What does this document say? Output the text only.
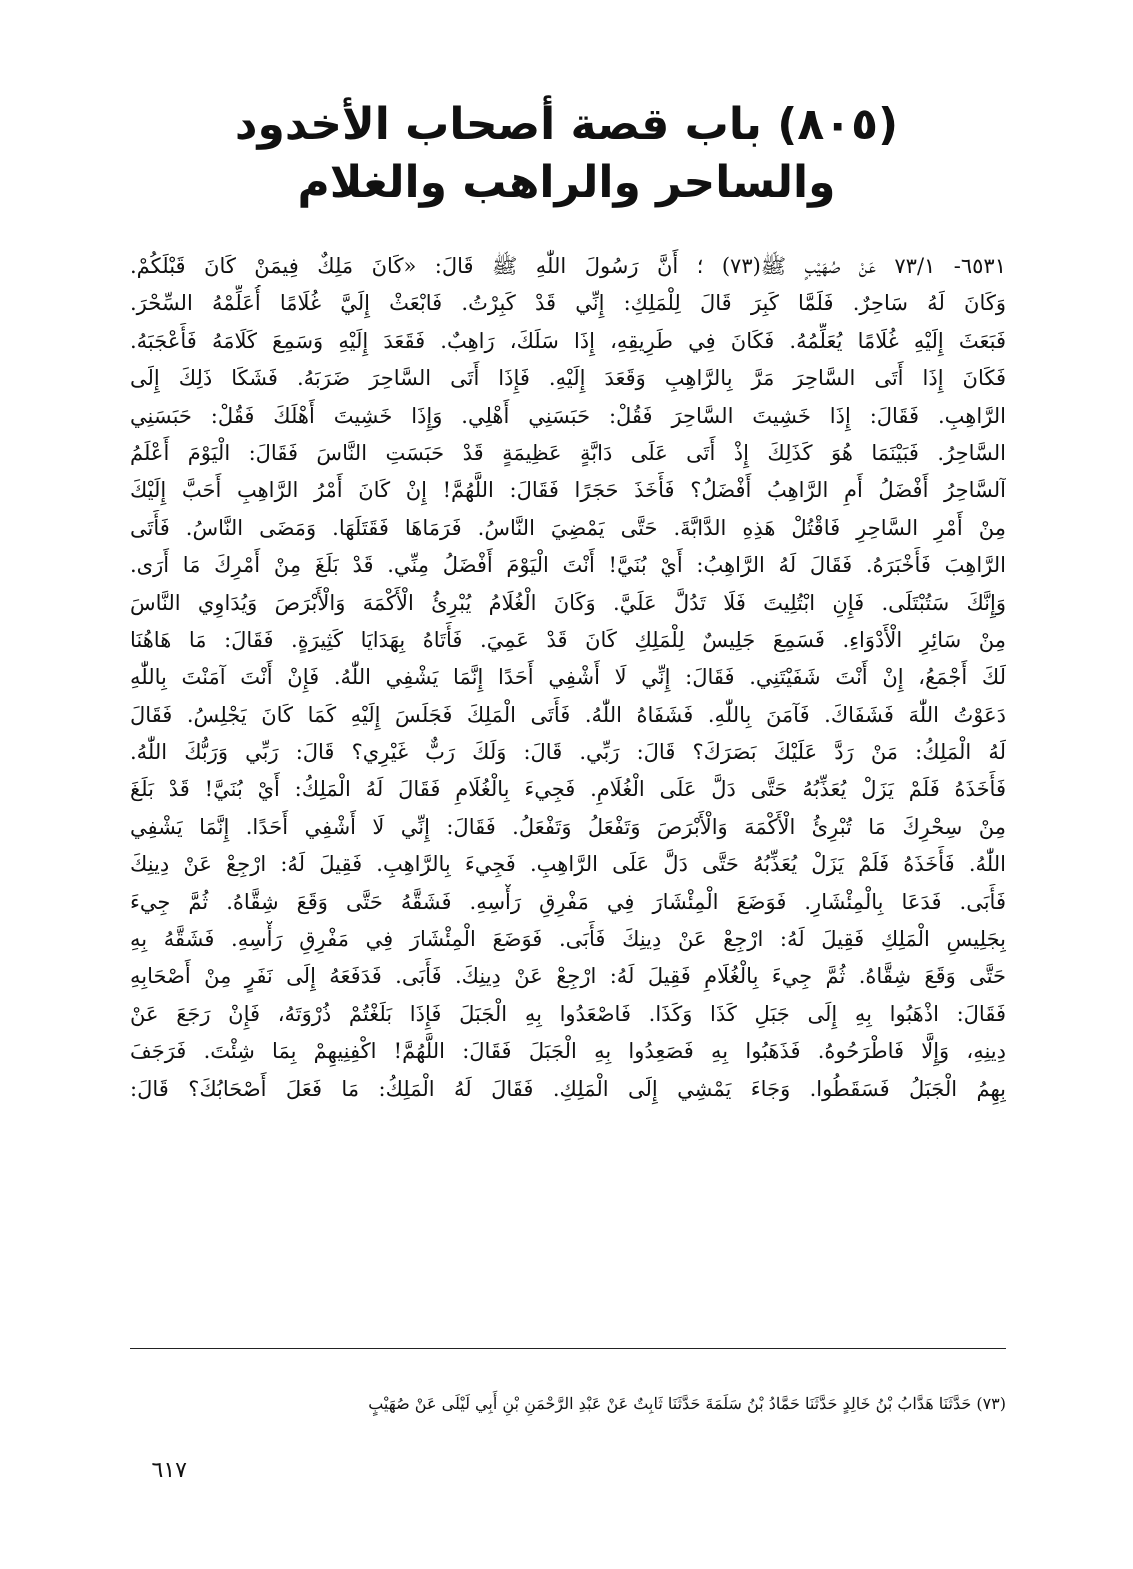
(٨٠٥) باب قصة أصحاب الأخدود
والساحر والراهب والغلام
٦٥٣١- ٧٣/١ عَنْ صُهَيْبٍ ﷺ(٧٣) ؛ أَنَّ رَسُولَ اللّٰهِ ﷺ قَالَ: «كَانَ مَلِكٌ فِيمَنْ كَانَ قَبْلَكُمْ.
وَكَانَ لَهُ سَاحِرٌ. فَلَمَّا كَبِرَ قَالَ لِلْمَلِكِ: إِنِّي قَدْ كَبِرْتُ. فَابْعَثْ إِلَيَّ غُلَامًا أُعَلِّمْهُ السِّحْرَ.
فَبَعَثَ إِلَيْهِ غُلَامًا يُعَلِّمُهُ. فَكَانَ فِي طَرِيقِهِ، إِذَا سَلَكَ، رَاهِبٌ. فَقَعَدَ إِلَيْهِ وَسَمِعَ كَلَامَهُ فَأَعْجَبَهُ.
فَكَانَ إِذَا أَتَى السَّاحِرَ مَرَّ بِالرَّاهِبِ وَقَعَدَ إِلَيْهِ. فَإِذَا أَتَى السَّاحِرَ ضَرَبَهُ. فَشَكَا ذَلِكَ إِلَى
الرَّاهِبِ. فَقَالَ: إِذَا خَشِيتَ السَّاحِرَ فَقُلْ: حَبَسَنِي أَهْلِي. وَإِذَا خَشِيتَ أَهْلَكَ فَقُلْ: حَبَسَنِي
السَّاحِرُ. فَبَيْنَمَا هُوَ كَذَلِكَ إِذْ أَتَى عَلَى دَابَّةٍ عَظِيمَةٍ قَدْ حَبَسَتِ النَّاسَ فَقَالَ: الْيَوْمَ أَعْلَمُ
آلسَّاحِرُ أَفْضَلُ أَمِ الرَّاهِبُ أَفْضَلُ؟ فَأَخَذَ حَجَرًا فَقَالَ: اللَّهُمَّ! إِنْ كَانَ أَمْرُ الرَّاهِبِ أَحَبَّ إِلَيْكَ
مِنْ أَمْرِ السَّاحِرِ فَاقْتُلْ هَذِهِ الدَّابَّةَ. حَتَّى يَمْضِيَ النَّاسُ. فَرَمَاهَا فَقَتَلَهَا. وَمَضَى النَّاسُ. فَأَتَى
الرَّاهِبَ فَأَخْبَرَهُ. فَقَالَ لَهُ الرَّاهِبُ: أَيْ بُنَيَّ! أَنْتَ الْيَوْمَ أَفْضَلُ مِنِّي. قَدْ بَلَغَ مِنْ أَمْرِكَ مَا أَرَى.
وَإِنَّكَ سَتُبْتَلَى. فَإِنِ ابْتُلِيتَ فَلَا تَدُلَّ عَلَيَّ. وَكَانَ الْغُلَامُ يُبْرِئُ الْأَكْمَهَ وَالْأَبْرَصَ وَيُدَاوِي النَّاسَ
مِنْ سَائِرِ الْأَدْوَاءِ. فَسَمِعَ جَلِيسٌ لِلْمَلِكِ كَانَ قَدْ عَمِيَ. فَأَتَاهُ بِهَدَايَا كَثِيرَةٍ. فَقَالَ: مَا هَاهُنَا
لَكَ أَجْمَعُ، إِنْ أَنْتَ شَفَيْتَنِي. فَقَالَ: إِنِّي لَا أَشْفِي أَحَدًا إِنَّمَا يَشْفِي اللّٰهُ. فَإِنْ أَنْتَ آمَنْتَ بِاللّٰهِ
دَعَوْتُ اللّٰهَ فَشَفَاكَ. فَآمَنَ بِاللّٰهِ. فَشَفَاهُ اللّٰهُ. فَأَتَى الْمَلِكَ فَجَلَسَ إِلَيْهِ كَمَا كَانَ يَجْلِسُ. فَقَالَ
لَهُ الْمَلِكُ: مَنْ رَدَّ عَلَيْكَ بَصَرَكَ؟ قَالَ: رَبِّي. قَالَ: وَلَكَ رَبٌّ غَيْرِي؟ قَالَ: رَبِّي وَرَبُّكَ اللّٰهُ.
فَأَخَذَهُ فَلَمْ يَزَلْ يُعَذِّبُهُ حَتَّى دَلَّ عَلَى الْغُلَامِ. فَجِيءَ بِالْغُلَامِ فَقَالَ لَهُ الْمَلِكُ: أَيْ بُنَيَّ! قَدْ بَلَغَ
مِنْ سِحْرِكَ مَا تُبْرِئُ الْأَكْمَهَ وَالْأَبْرَصَ وَتَفْعَلُ وَتَفْعَلُ. فَقَالَ: إِنِّي لَا أَشْفِي أَحَدًا. إِنَّمَا يَشْفِي
اللّٰهُ. فَأَخَذَهُ فَلَمْ يَزَلْ يُعَذِّبُهُ حَتَّى دَلَّ عَلَى الرَّاهِبِ. فَجِيءَ بِالرَّاهِبِ. فَقِيلَ لَهُ: ارْجِعْ عَنْ دِينِكَ
فَأَبَى. فَدَعَا بِالْمِئْشَارِ. فَوَضَعَ الْمِئْشَارَ فِي مَفْرِقِ رَأْسِهِ. فَشَقَّهُ حَتَّى وَقَعَ شِقَّاهُ. ثُمَّ جِيءَ
بِجَلِيسِ الْمَلِكِ فَقِيلَ لَهُ: ارْجِعْ عَنْ دِينِكَ فَأَبَى. فَوَضَعَ الْمِئْشَارَ فِي مَفْرِقِ رَأْسِهِ. فَشَقَّهُ بِهِ
حَتَّى وَقَعَ شِقَّاهُ. ثُمَّ جِيءَ بِالْغُلَامِ فَقِيلَ لَهُ: ارْجِعْ عَنْ دِينِكَ. فَأَبَى. فَدَفَعَهُ إِلَى نَفَرٍ مِنْ أَصْحَابِهِ
فَقَالَ: اذْهَبُوا بِهِ إِلَى جَبَلِ كَذَا وَكَذَا. فَاصْعَدُوا بِهِ الْجَبَلَ فَإِذَا بَلَغْتُمْ ذُرْوَتَهُ، فَإِنْ رَجَعَ عَنْ
دِينِهِ، وَإِلَّا فَاطْرَحُوهُ. فَذَهَبُوا بِهِ فَصَعِدُوا بِهِ الْجَبَلَ فَقَالَ: اللَّهُمَّ! اكْفِنِيهِمْ بِمَا شِئْتَ. فَرَجَفَ
بِهِمُ الْجَبَلُ فَسَقَطُوا. وَجَاءَ يَمْشِي إِلَى الْمَلِكِ. فَقَالَ لَهُ الْمَلِكُ: مَا فَعَلَ أَصْحَابُكَ؟ قَالَ:
(٧٣) حَدَّثَنَا هَدَّابُ بْنُ خَالِدٍ حَدَّثَنَا حَمَّادُ بْنُ سَلَمَةَ حَدَّثَنَا ثَابِتٌ عَنْ عَبْدِ الرَّحْمَنِ بْنِ أَبِي لَيْلَى عَنْ صُهَيْبٍ
٦١٧
